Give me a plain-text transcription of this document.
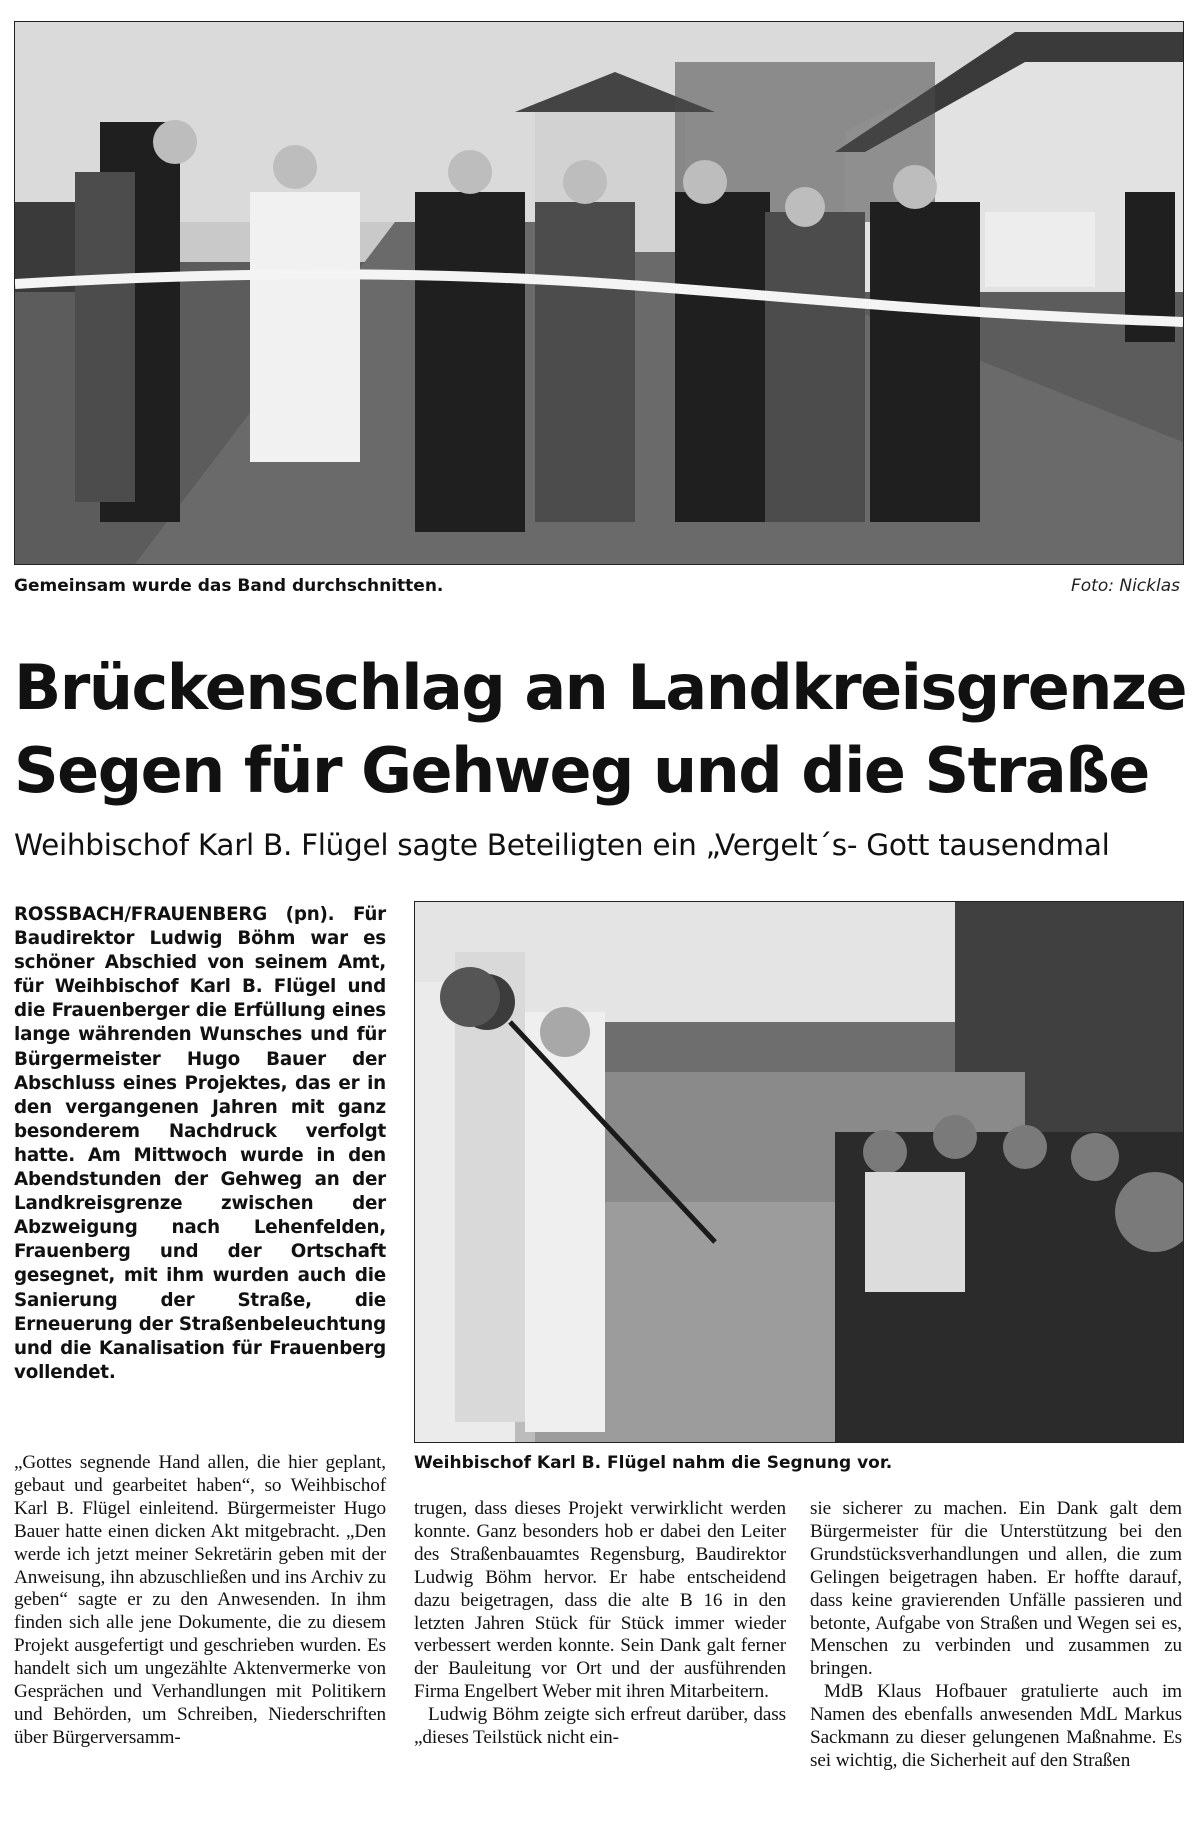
Gemeinsam wurde das Band durchschnitten.	Foto: Nicklas
Brückenschlag an Landkreisgrenze
Segen für Gehweg und die Straße
Weihbischof Karl B. Flügel sagte Beteiligten ein „Vergelt´s- Gott tausendmal
ROSSBACH/FRAUENBERG (pn). Für Baudirektor Ludwig Böhm war es schöner Abschied von seinem Amt, für Weihbischof Karl B. Flügel und die Frauenberger die Erfüllung eines lange währenden Wunsches und für Bürgermeister Hugo Bauer der Abschluss eines Projektes, das er in den vergangenen Jahren mit ganz besonderem Nachdruck verfolgt hatte. Am Mittwoch wurde in den Abendstunden der Gehweg an der Landkreisgrenze zwischen der Abzweigung nach Lehenfelden, Frauenberg und der Ortschaft gesegnet, mit ihm wurden auch die Sanierung der Straße, die Erneuerung der Straßenbeleuchtung und die Kanalisation für Frauenberg vollendet.
Weihbischof Karl B. Flügel nahm die Segnung vor.

„Gottes segnende Hand allen, die hier geplant, gebaut und gearbeitet haben“, so Weihbischof Karl B. Flügel einleitend. Bürgermeister Hugo Bauer hatte einen dicken Akt mitgebracht. „Den werde ich jetzt meiner Sekretärin geben mit der Anweisung, ihn abzuschließen und ins Archiv zu geben“ sagte er zu den Anwesenden. In ihm finden sich alle jene Dokumente, die zu diesem Projekt ausgefertigt und geschrieben wurden. Es handelt sich um ungezählte Aktenvermerke von Gesprächen und Verhandlungen mit Politikern und Behörden, um Schreiben, Niederschriften über Bürgerversamm-

trugen, dass dieses Projekt verwirklicht werden konnte. Ganz besonders hob er dabei den Leiter des Straßenbauamtes Regensburg, Baudirektor Ludwig Böhm hervor. Er habe entscheidend dazu beigetragen, dass die alte B 16 in den letzten Jahren Stück für Stück immer wieder verbessert werden konnte. Sein Dank galt ferner der Bauleitung vor Ort und der ausführenden Firma Engelbert Weber mit ihren Mitarbeitern.

Ludwig Böhm zeigte sich erfreut darüber, dass „dieses Teilstück nicht ein-

sie sicherer zu machen. Ein Dank galt dem Bürgermeister für die Unterstützung bei den Grundstücksverhandlungen und allen, die zum Gelingen beigetragen haben. Er hoffte darauf, dass keine gravierenden Unfälle passieren und betonte, Aufgabe von Straßen und Wegen sei es, Menschen zu verbinden und zusammen zu bringen.

MdB Klaus Hofbauer gratulierte auch im Namen des ebenfalls anwesenden MdL Markus Sackmann zu dieser gelungenen Maßnahme. Es sei wichtig, die Sicherheit auf den Straßen
